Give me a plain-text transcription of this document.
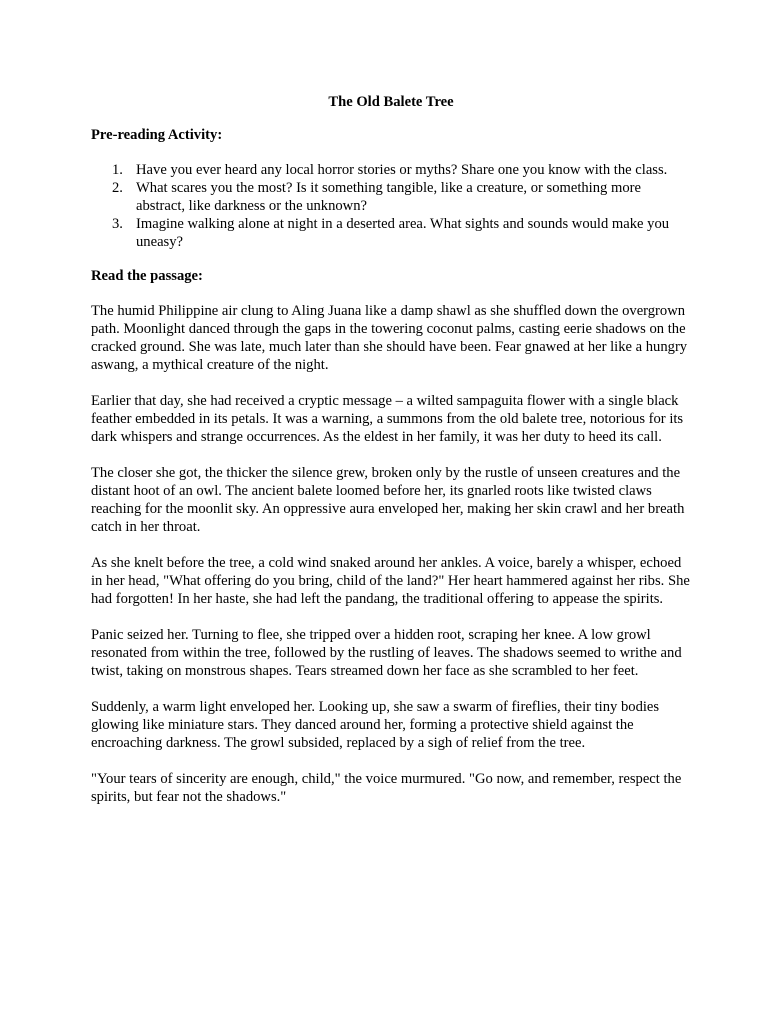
The Old Balete Tree
Pre-reading Activity:
1. Have you ever heard any local horror stories or myths? Share one you know with the class.
2. What scares you the most? Is it something tangible, like a creature, or something more abstract, like darkness or the unknown?
3. Imagine walking alone at night in a deserted area. What sights and sounds would make you uneasy?
Read the passage:

The humid Philippine air clung to Aling Juana like a damp shawl as she shuffled down the overgrown path. Moonlight danced through the gaps in the towering coconut palms, casting eerie shadows on the cracked ground. She was late, much later than she should have been. Fear gnawed at her like a hungry aswang, a mythical creature of the night.

Earlier that day, she had received a cryptic message – a wilted sampaguita flower with a single black feather embedded in its petals. It was a warning, a summons from the old balete tree, notorious for its dark whispers and strange occurrences. As the eldest in her family, it was her duty to heed its call.

The closer she got, the thicker the silence grew, broken only by the rustle of unseen creatures and the distant hoot of an owl. The ancient balete loomed before her, its gnarled roots like twisted claws reaching for the moonlit sky. An oppressive aura enveloped her, making her skin crawl and her breath catch in her throat.

As she knelt before the tree, a cold wind snaked around her ankles. A voice, barely a whisper, echoed in her head, "What offering do you bring, child of the land?" Her heart hammered against her ribs. She had forgotten! In her haste, she had left the pandang, the traditional offering to appease the spirits.

Panic seized her. Turning to flee, she tripped over a hidden root, scraping her knee. A low growl resonated from within the tree, followed by the rustling of leaves. The shadows seemed to writhe and twist, taking on monstrous shapes. Tears streamed down her face as she scrambled to her feet.

Suddenly, a warm light enveloped her. Looking up, she saw a swarm of fireflies, their tiny bodies glowing like miniature stars. They danced around her, forming a protective shield against the encroaching darkness. The growl subsided, replaced by a sigh of relief from the tree.

"Your tears of sincerity are enough, child," the voice murmured. "Go now, and remember, respect the spirits, but fear not the shadows."
